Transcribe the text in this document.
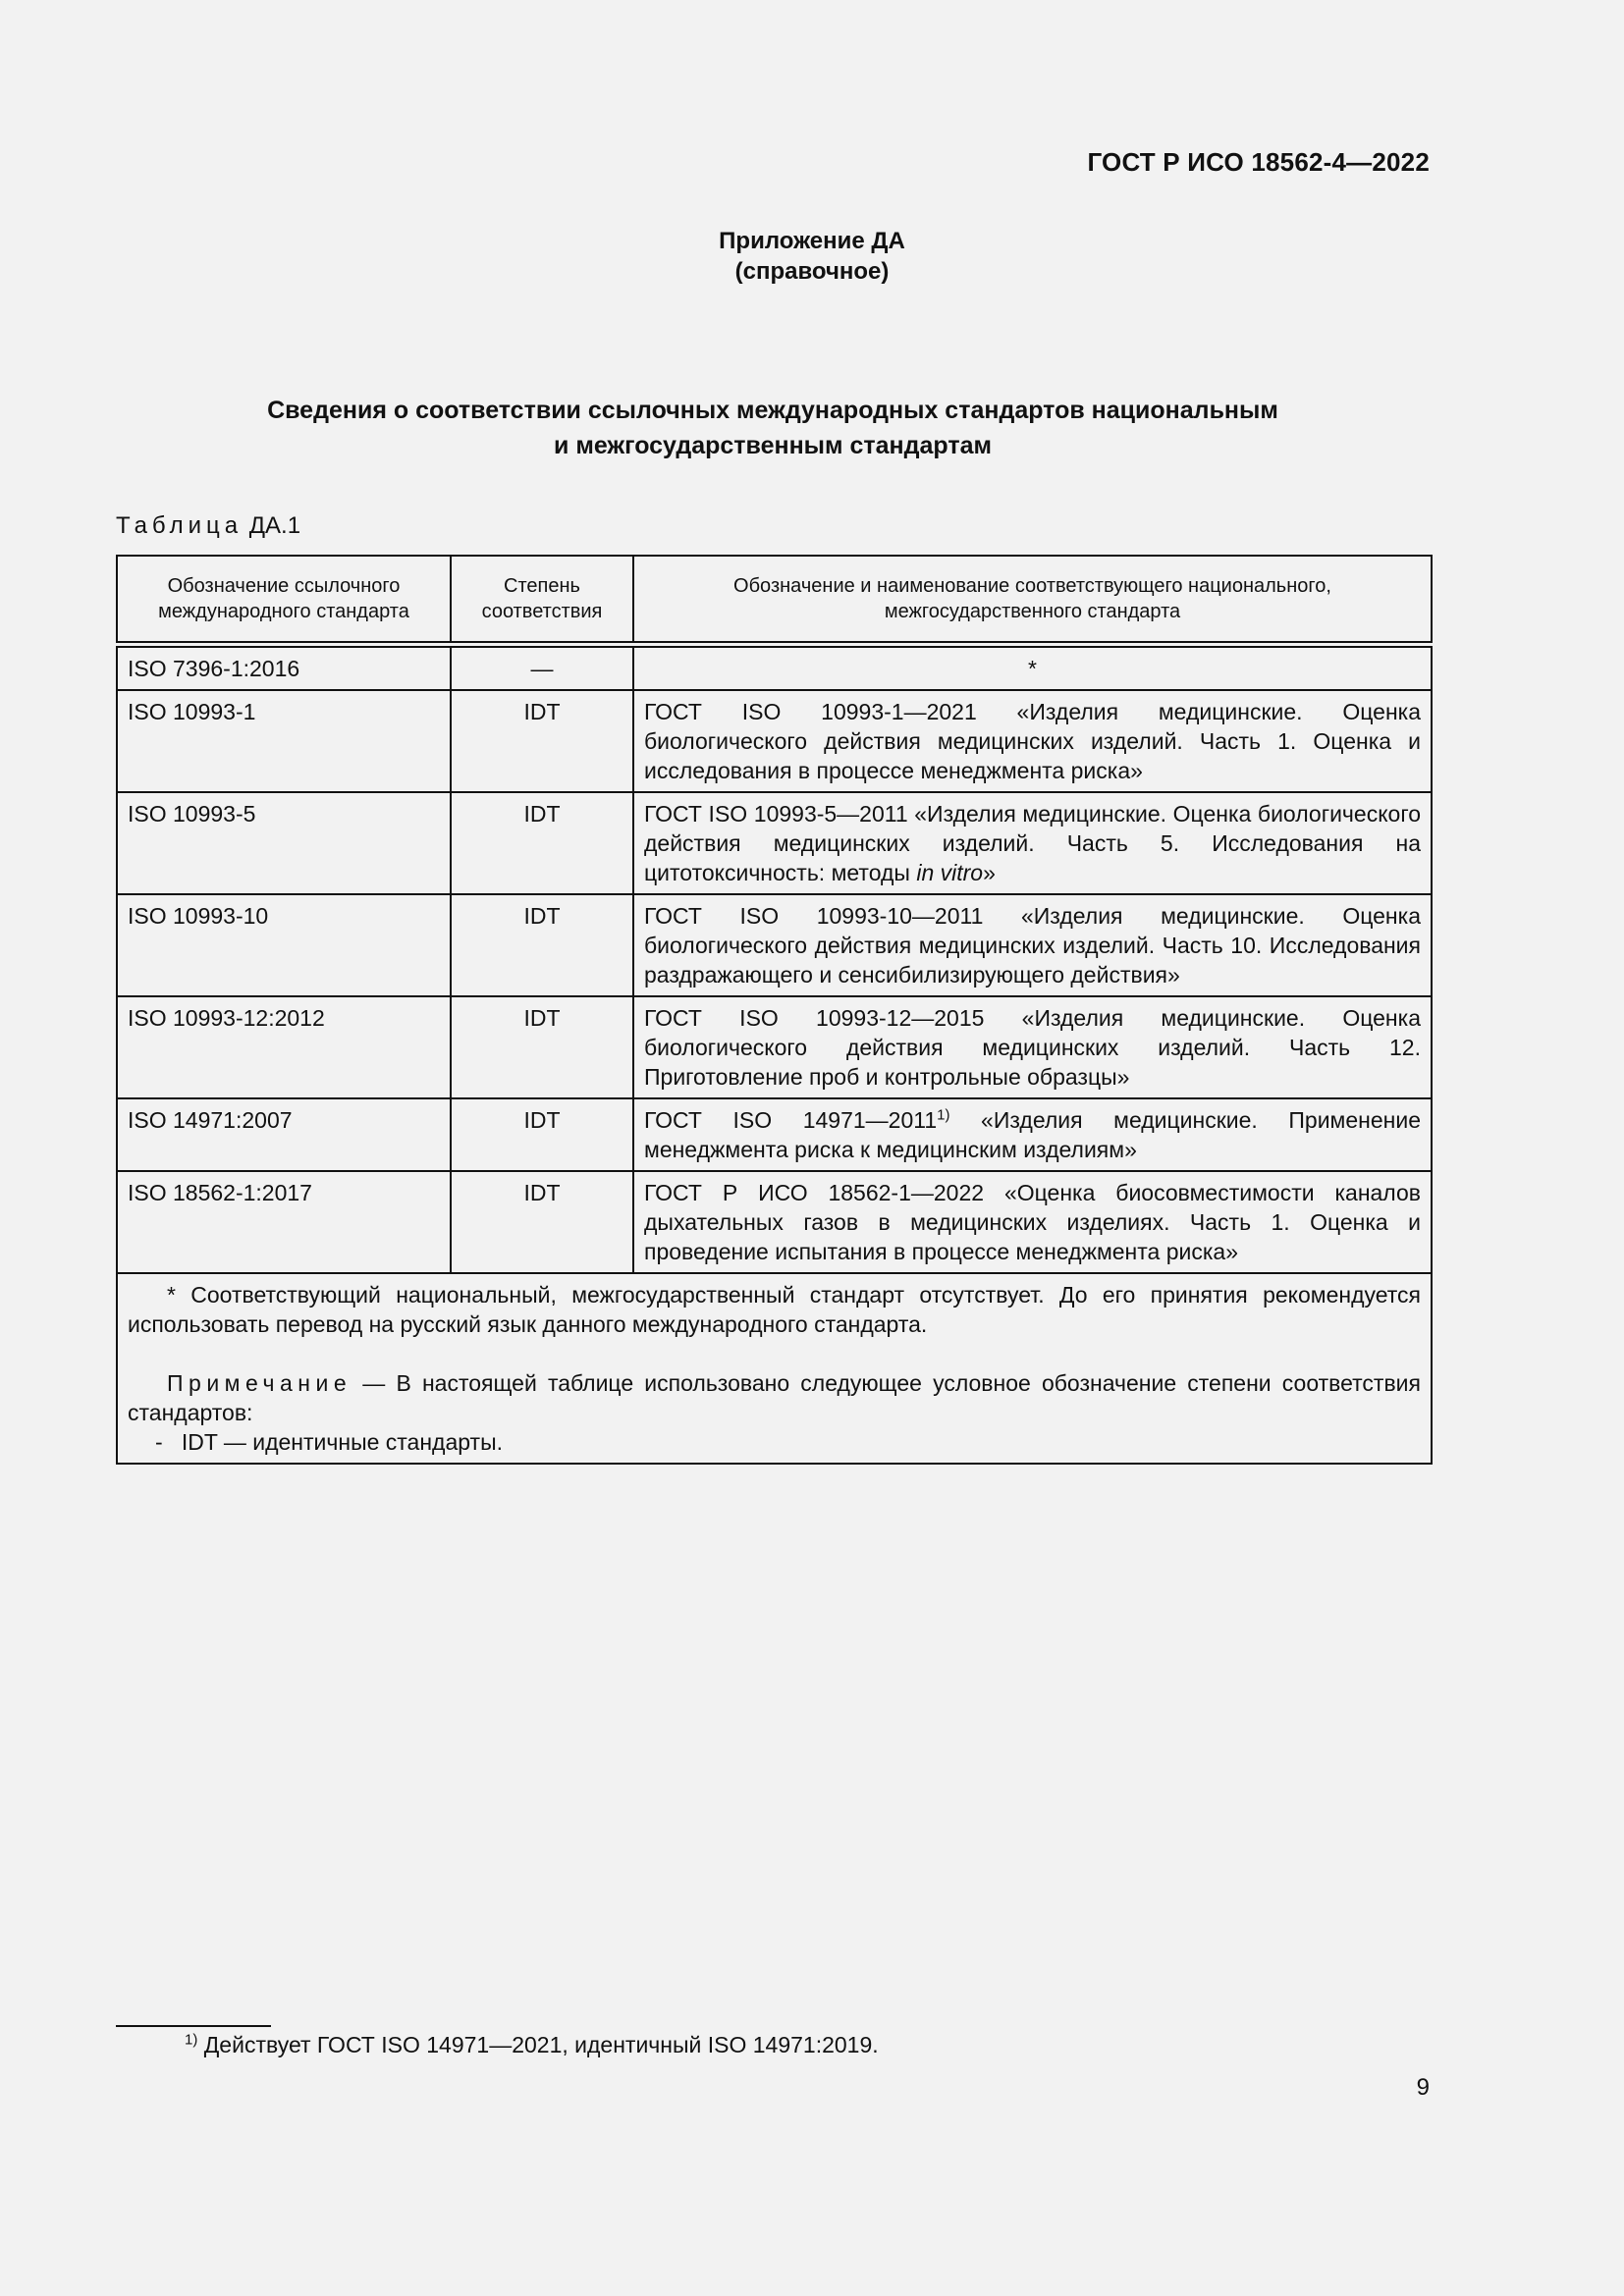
ГОСТ Р ИСО 18562-4—2022
Приложение ДА
(справочное)
Сведения о соответствии ссылочных международных стандартов национальным
и межгосударственным стандартам
Таблица ДА.1
Обозначение ссылочного международного стандарта	Степень соответствия	Обозначение и наименование соответствующего национального, межгосударственного стандарта
ISO 7396-1:2016	—	*
ISO 10993-1	IDT	ГОСТ ISO 10993-1—2021 «Изделия медицинские. Оценка биологического действия медицинских изделий. Часть 1. Оценка и исследования в процессе менеджмента риска»
ISO 10993-5	IDT	ГОСТ ISO 10993-5—2011 «Изделия медицинские. Оценка биологического действия медицинских изделий. Часть 5. Исследования на цитотоксичность: методы in vitro»
ISO 10993-10	IDT	ГОСТ ISO 10993-10—2011 «Изделия медицинские. Оценка биологического действия медицинских изделий. Часть 10. Исследования раздражающего и сенсибилизирующего действия»
ISO 10993-12:2012	IDT	ГОСТ ISO 10993-12—2015 «Изделия медицинские. Оценка биологического действия медицинских изделий. Часть 12. Приготовление проб и контрольные образцы»
ISO 14971:2007	IDT	ГОСТ ISO 14971—2011$^{1)}$ «Изделия медицинские. Применение менеджмента риска к медицинским изделиям»
ISO 18562-1:2017	IDT	ГОСТ Р ИСО 18562-1—2022 «Оценка биосовместимости каналов дыхательных газов в медицинских изделиях. Часть 1. Оценка и проведение испытания в процессе менеджмента риска»

* Соответствующий национальный, межгосударственный стандарт отсутствует. До его принятия рекомендуется использовать перевод на русский язык данного международного стандарта.

Примечание — В настоящей таблице использовано следующее условное обозначение степени соответствия стандартов:

-   IDT — идентичные стандарты.		

$^{1)}$ Действует ГОСТ ISO 14971—2021, идентичный ISO 14971:2019.
9
